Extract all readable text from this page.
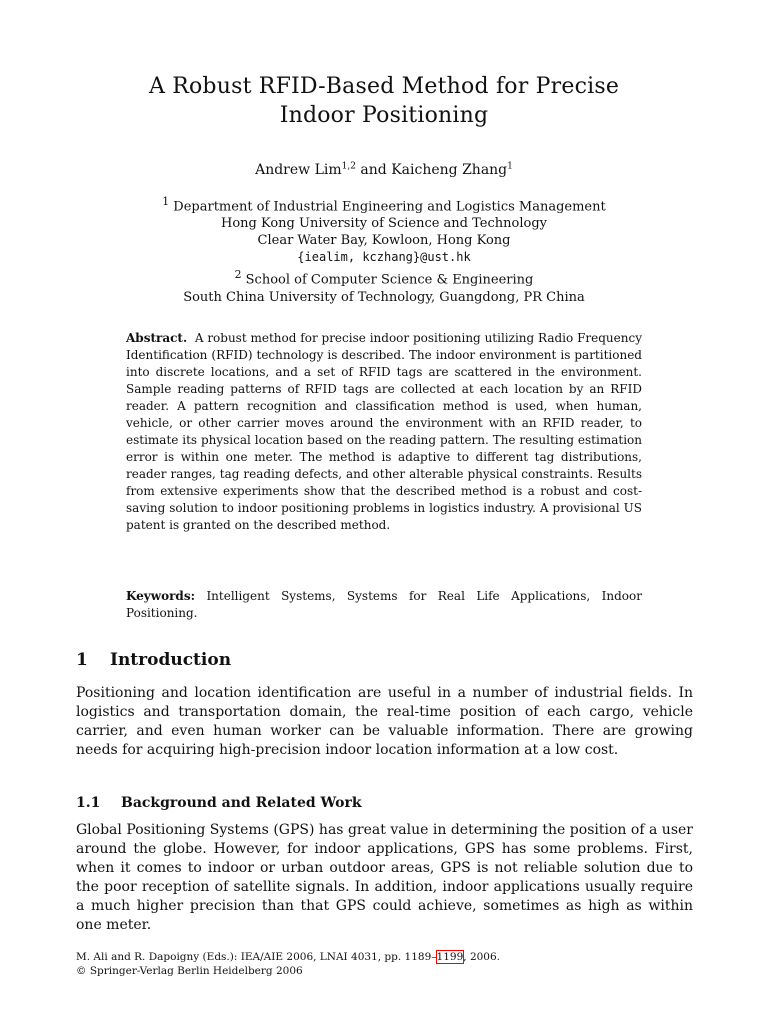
A Robust RFID-Based Method for Precise
Indoor Positioning
Andrew Lim$^{1,2}$ and Kaicheng Zhang$^1$
$^1$ Department of Industrial Engineering and Logistics Management
Hong Kong University of Science and Technology
Clear Water Bay, Kowloon, Hong Kong
{iealim, kczhang}@ust.hk
$^2$ School of Computer Science & Engineering
South China University of Technology, Guangdong, PR China
Abstract. A robust method for precise indoor positioning utilizing Radio Frequency Identification (RFID) technology is described. The indoor environment is partitioned into discrete locations, and a set of RFID tags are scattered in the environment. Sample reading patterns of RFID tags are collected at each location by an RFID reader. A pattern recognition and classification method is used, when human, vehicle, or other carrier moves around the environment with an RFID reader, to estimate its physical location based on the reading pattern. The resulting estimation error is within one meter. The method is adaptive to different tag distributions, reader ranges, tag reading defects, and other alterable physical constraints. Results from extensive experiments show that the described method is a robust and cost-saving solution to indoor positioning problems in logistics industry. A provisional US patent is granted on the described method.
Keywords: Intelligent Systems, Systems for Real Life Applications, Indoor Positioning.
1 Introduction
Positioning and location identification are useful in a number of industrial fields. In logistics and transportation domain, the real-time position of each cargo, vehicle carrier, and even human worker can be valuable information. There are growing needs for acquiring high-precision indoor location information at a low cost.
1.1 Background and Related Work
Global Positioning Systems (GPS) has great value in determining the position of a user around the globe. However, for indoor applications, GPS has some problems. First, when it comes to indoor or urban outdoor areas, GPS is not reliable solution due to the poor reception of satellite signals. In addition, indoor applications usually require a much higher precision than that GPS could achieve, sometimes as high as within one meter.
M. Ali and R. Dapoigny (Eds.): IEA/AIE 2006, LNAI 4031, pp. 1189–1199, 2006.
© Springer-Verlag Berlin Heidelberg 2006
